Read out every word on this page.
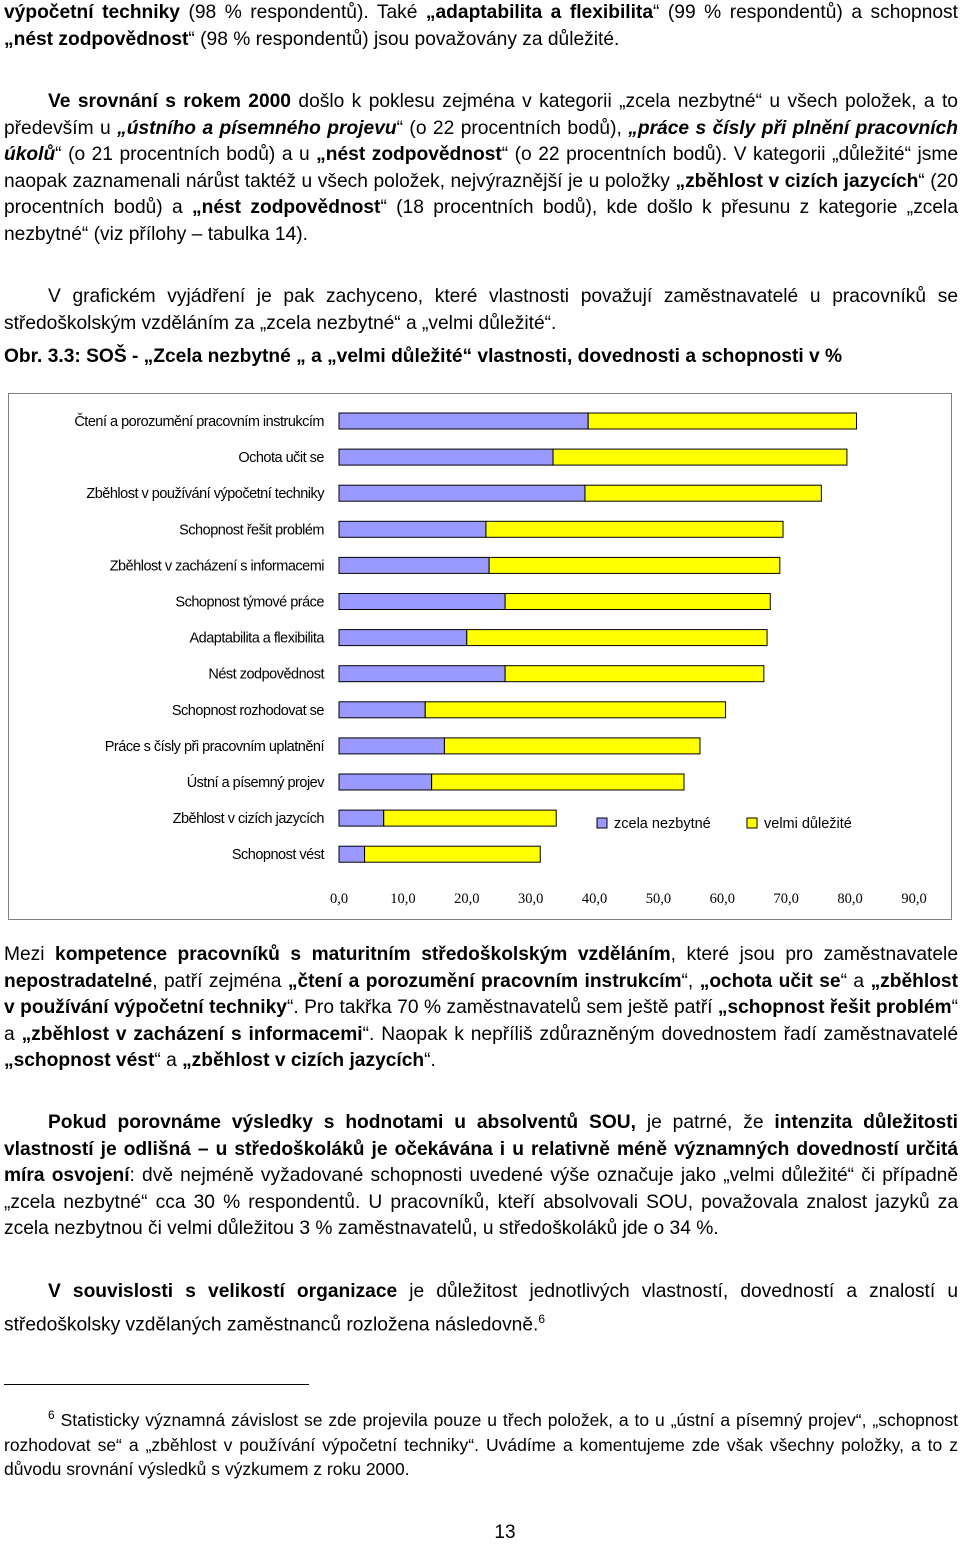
výpočetní techniky (98 % respondentů). Také „adaptabilita a flexibilita“ (99 % respondentů) a schopnost „nést zodpovědnost“ (98 % respondentů) jsou považovány za důležité.

Ve srovnání s rokem 2000 došlo k poklesu zejména v kategorii „zcela nezbytné“ u všech položek, a to především u „ústního a písemného projevu“ (o 22 procentních bodů), „práce s čísly při plnění pracovních úkolů“ (o 21 procentních bodů) a u „nést zodpovědnost“ (o 22 procentních bodů). V kategorii „důležité“ jsme naopak zaznamenali nárůst taktéž u všech položek, nejvýraznější je u položky „zběhlost v cizích jazycích“ (20 procentních bodů) a „nést zodpovědnost“ (18 procentních bodů), kde došlo k přesunu z kategorie „zcela nezbytné“ (viz přílohy – tabulka 14).

V grafickém vyjádření je pak zachyceno, které vlastnosti považují zaměstnavatelé u pracovníků se středoškolským vzděláním za „zcela nezbytné“ a „velmi důležité“.

Obr. 3.3: SOŠ - „Zcela nezbytné „ a „velmi důležité“ vlastnosti, dovednosti a schopnosti v %

Čtení a porozumění pracovním instrukcím
Ochota učit se
Zběhlost v používání výpočetní techniky
Schopnost řešit problém
Zběhlost v zacházení s informacemi
Schopnost týmové práce
Adaptabilita a flexibilita
Nést zodpovědnost
Schopnost rozhodovat se
Práce s čísly při pracovním uplatnění
Ústní a písemný projev
Zběhlost v cizích jazycích
Schopnost vést
0,0	10,0	20,0	30,0	40,0	50,0	60,0	70,0	80,0	90,0
zcela nezbytné	velmi důležité

Mezi kompetence pracovníků s maturitním středoškolským vzděláním, které jsou pro zaměstnavatele nepostradatelné, patří zejména „čtení a porozumění pracovním instrukcím“, „ochota učit se“ a „zběhlost v používání výpočetní techniky“. Pro takřka 70 % zaměstnavatelů sem ještě patří „schopnost řešit problém“ a „zběhlost v zacházení s informacemi“. Naopak k nepříliš zdůrazněným dovednostem řadí zaměstnavatelé „schopnost vést“ a „zběhlost v cizích jazycích“.

Pokud porovnáme výsledky s hodnotami u absolventů SOU, je patrné, že intenzita důležitosti vlastností je odlišná – u středoškoláků je očekávána i u relativně méně významných dovedností určitá míra osvojení: dvě nejméně vyžadované schopnosti uvedené výše označuje jako „velmi důležité“ či případně „zcela nezbytné“ cca 30 % respondentů. U pracovníků, kteří absolvovali SOU, považovala znalost jazyků za zcela nezbytnou či velmi důležitou 3 % zaměstnavatelů, u středoškoláků jde o 34 %.

V souvislosti s velikostí organizace je důležitost jednotlivých vlastností, dovedností a znalostí u středoškolsky vzdělaných zaměstnanců rozložena následovně.$^6$

$^6$ Statisticky významná závislost se zde projevila pouze u třech položek, a to u „ústní a písemný projev“, „schopnost rozhodovat se“ a „zběhlost v používání výpočetní techniky“. Uvádíme a komentujeme zde však všechny položky, a to z důvodu srovnání výsledků s výzkumem z roku 2000.

13
